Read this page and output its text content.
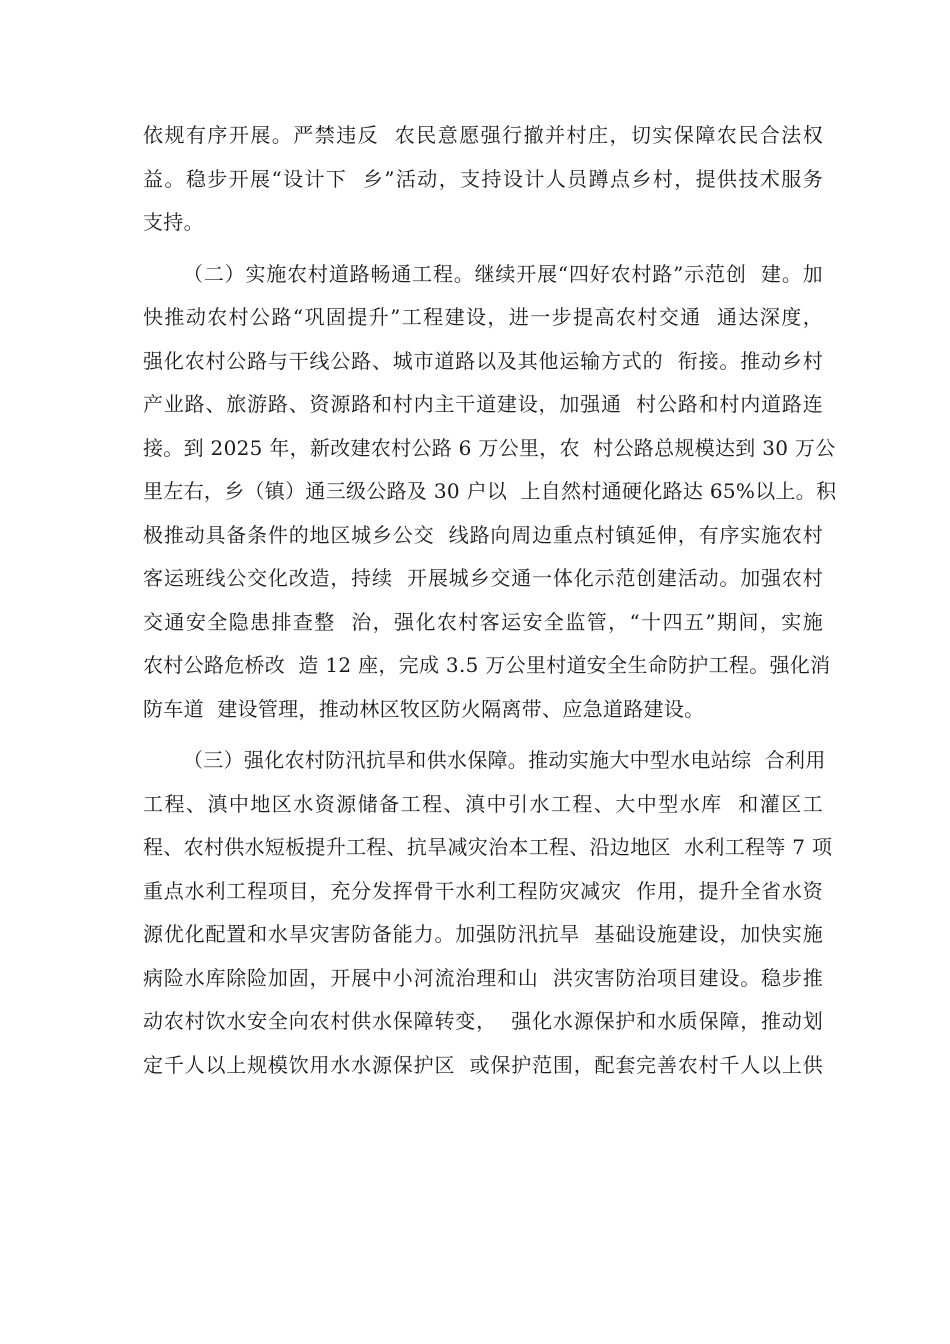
依规有序开展。严禁违反  农民意愿强行撤并村庄，切实保障农民合法权
益。稳步开展“设计下  乡”活动，支持设计人员蹲点乡村，提供技术服务
支持。
（二）实施农村道路畅通工程。继续开展“四好农村路”示范创  建。加
快推动农村公路“巩固提升”工程建设，进一步提高农村交通  通达深度，
强化农村公路与干线公路、城市道路以及其他运输方式的  衔接。推动乡村
产业路、旅游路、资源路和村内主干道建设，加强通  村公路和村内道路连
接。到 2025 年，新改建农村公路 6 万公里，农  村公路总规模达到 30 万公
里左右，乡（镇）通三级公路及 30 户以  上自然村通硬化路达 65%以上。积
极推动具备条件的地区城乡公交  线路向周边重点村镇延伸，有序实施农村
客运班线公交化改造，持续  开展城乡交通一体化示范创建活动。加强农村
交通安全隐患排查整  治，强化农村客运安全监管，“十四五”期间，实施
农村公路危桥改  造 12 座，完成 3.5 万公里村道安全生命防护工程。强化消
防车道  建设管理，推动林区牧区防火隔离带、应急道路建设。
（三）强化农村防汛抗旱和供水保障。推动实施大中型水电站综  合利用
工程、滇中地区水资源储备工程、滇中引水工程、大中型水库  和灌区工
程、农村供水短板提升工程、抗旱减灾治本工程、沿边地区  水利工程等 7 项
重点水利工程项目，充分发挥骨干水利工程防灾减灾  作用，提升全省水资
源优化配置和水旱灾害防备能力。加强防汛抗旱  基础设施建设，加快实施
病险水库除险加固，开展中小河流治理和山  洪灾害防治项目建设。稳步推
动农村饮水安全向农村供水保障转变，  强化水源保护和水质保障，推动划
定千人以上规模饮用水水源保护区  或保护范围，配套完善农村千人以上供
